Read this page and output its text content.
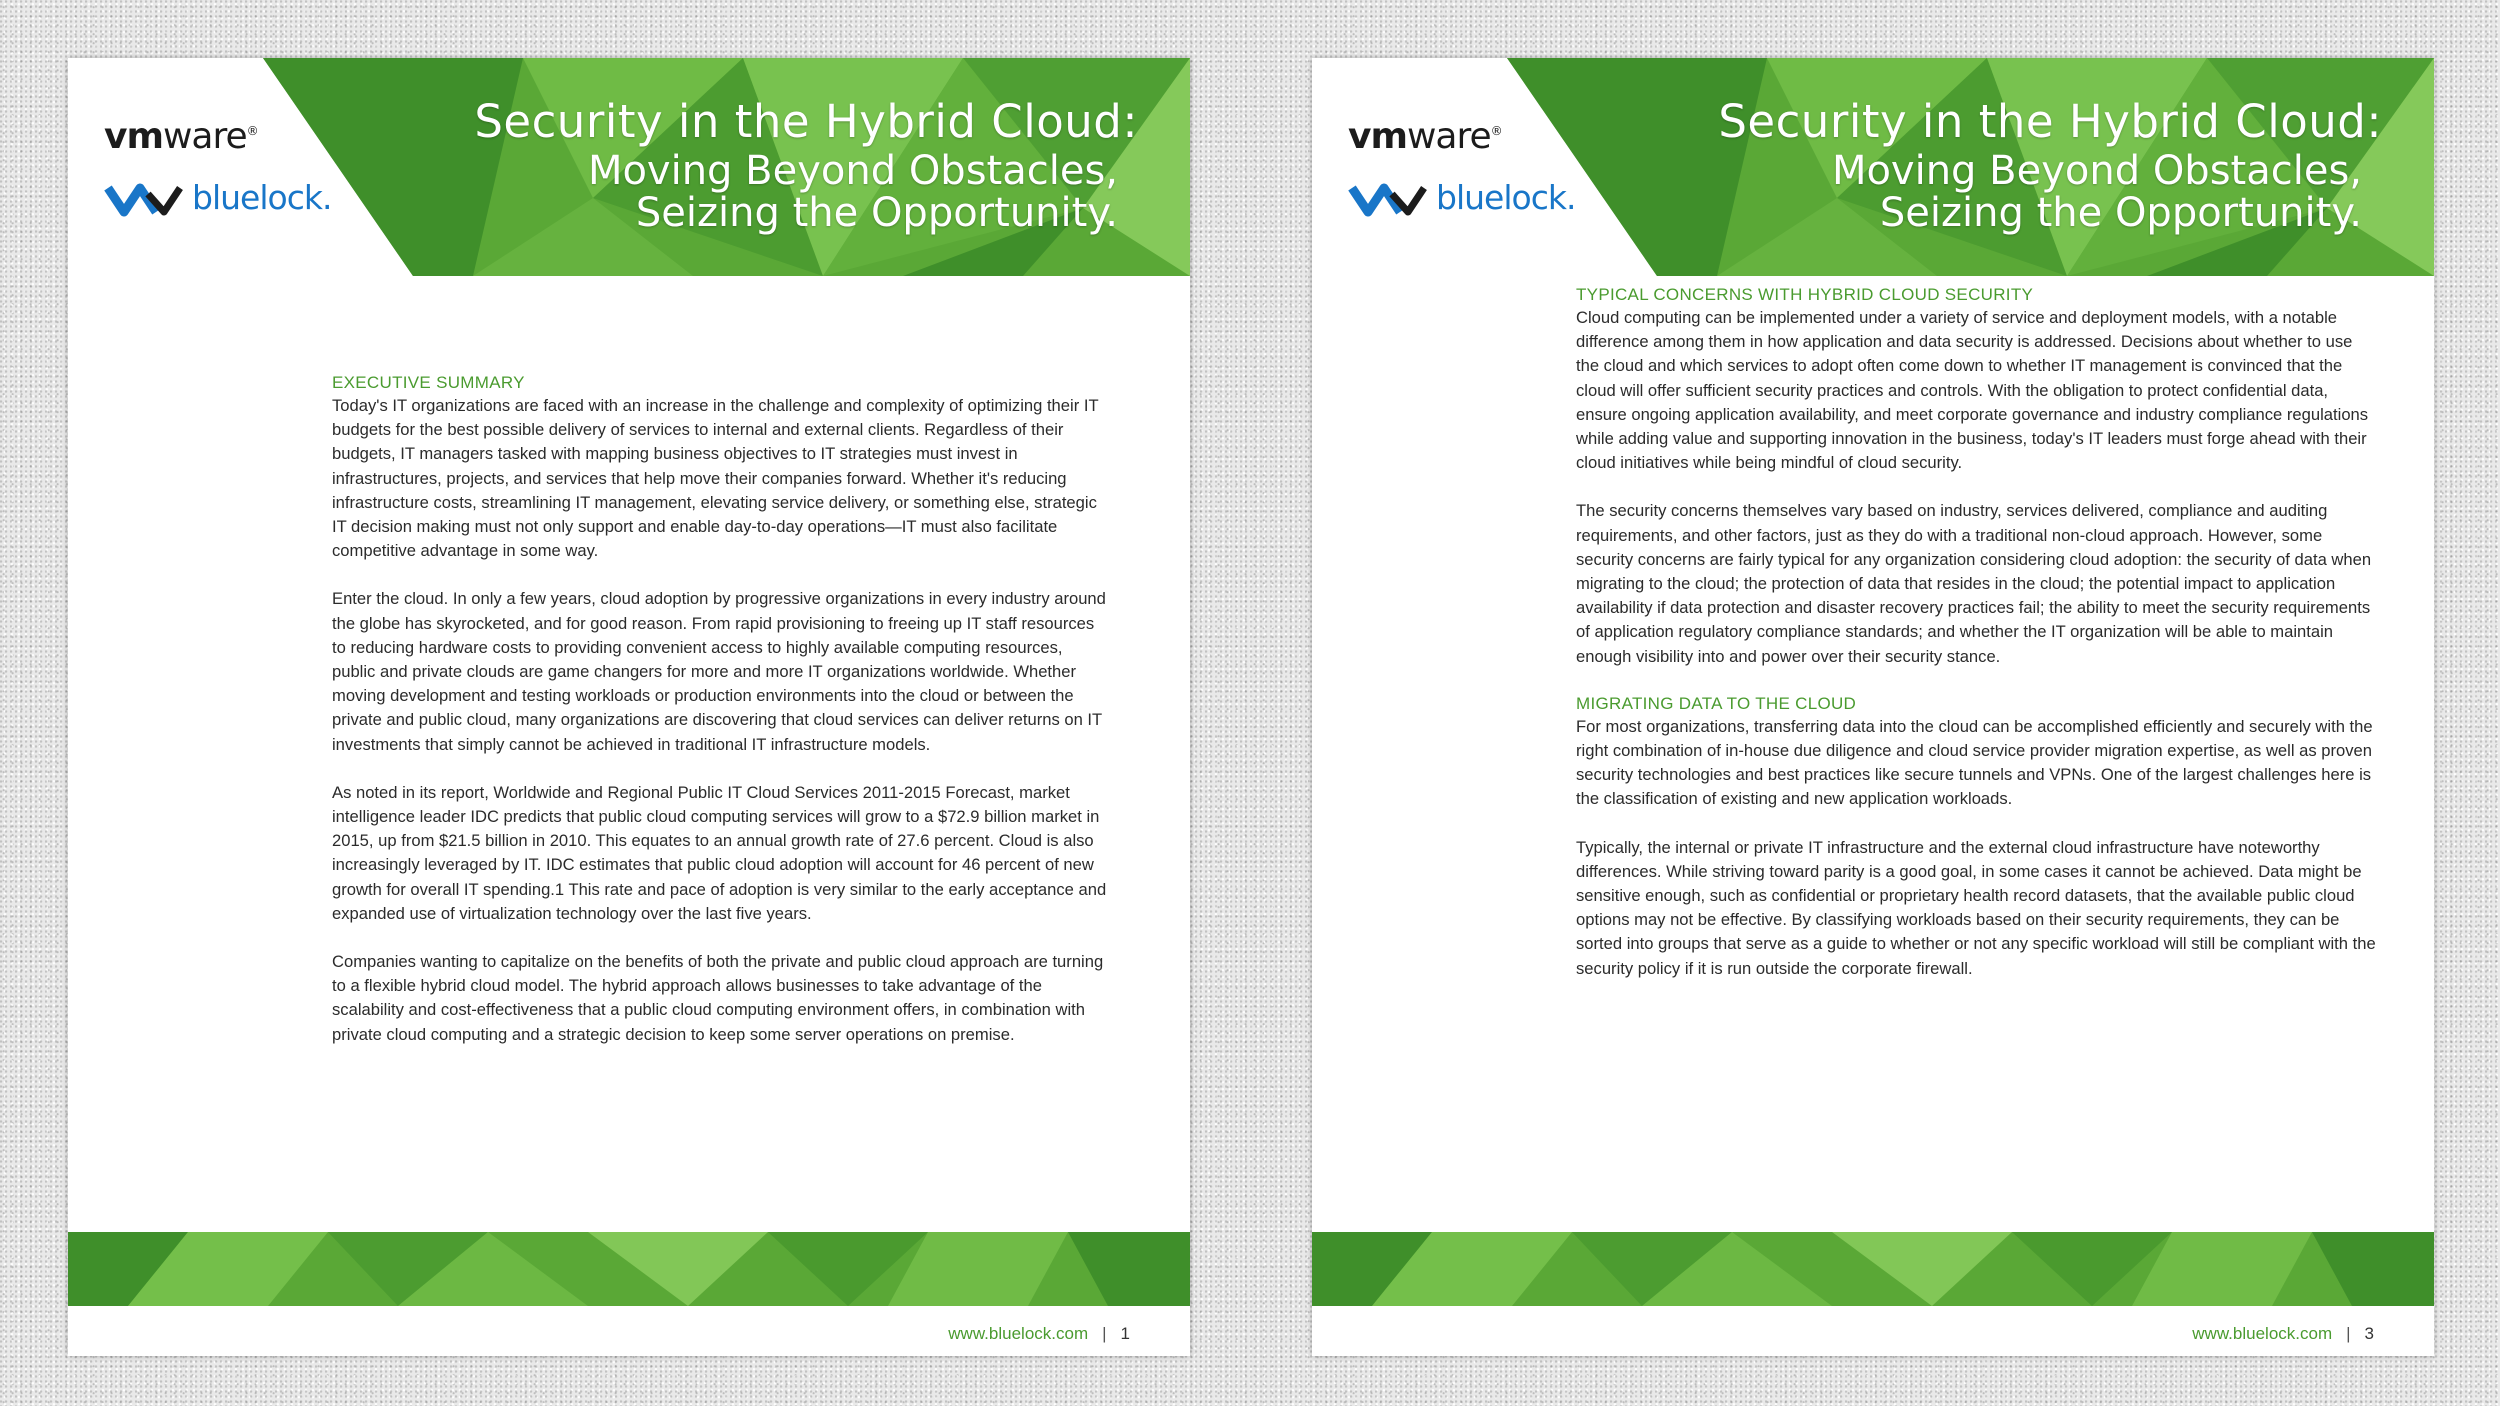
vmware®
bluelock.
Security in the Hybrid Cloud:
Moving Beyond Obstacles,
Seizing the Opportunity.

EXECUTIVE SUMMARY

Today's IT organizations are faced with an increase in the challenge and complexity of optimizing their IT budgets for the best possible delivery of services to internal and external clients. Regardless of their budgets, IT managers tasked with mapping business objectives to IT strategies must invest in infrastructures, projects, and services that help move their companies forward. Whether it's reducing infrastructure costs, streamlining IT management, elevating service delivery, or something else, strategic IT decision making must not only support and enable day-to-day operations—IT must also facilitate competitive advantage in some way.

Enter the cloud. In only a few years, cloud adoption by progressive organizations in every industry around the globe has skyrocketed, and for good reason. From rapid provisioning to freeing up IT staff resources to reducing hardware costs to providing convenient access to highly available computing resources, public and private clouds are game changers for more and more IT organizations worldwide. Whether moving development and testing workloads or production environments into the cloud or between the private and public cloud, many organizations are discovering that cloud services can deliver returns on IT investments that simply cannot be achieved in traditional IT infrastructure models.

As noted in its report, Worldwide and Regional Public IT Cloud Services 2011-2015 Forecast, market intelligence leader IDC predicts that public cloud computing services will grow to a $72.9 billion market in 2015, up from $21.5 billion in 2010. This equates to an annual growth rate of 27.6 percent. Cloud is also increasingly leveraged by IT. IDC estimates that public cloud adoption will account for 46 percent of new growth for overall IT spending.1 This rate and pace of adoption is very similar to the early acceptance and expanded use of virtualization technology over the last five years.

Companies wanting to capitalize on the benefits of both the private and public cloud approach are turning to a flexible hybrid cloud model. The hybrid approach allows businesses to take advantage of the scalability and cost-effectiveness that a public cloud computing environment offers, in combination with private cloud computing and a strategic decision to keep some server operations on premise.

www.bluelock.com | 1
vmware®
bluelock.
Security in the Hybrid Cloud:
Moving Beyond Obstacles,
Seizing the Opportunity.

TYPICAL CONCERNS WITH HYBRID CLOUD SECURITY

Cloud computing can be implemented under a variety of service and deployment models, with a notable difference among them in how application and data security is addressed. Decisions about whether to use the cloud and which services to adopt often come down to whether IT management is convinced that the cloud will offer sufficient security practices and controls. With the obligation to protect confidential data, ensure ongoing application availability, and meet corporate governance and industry compliance regulations while adding value and supporting innovation in the business, today's IT leaders must forge ahead with their cloud initiatives while being mindful of cloud security.

The security concerns themselves vary based on industry, services delivered, compliance and auditing requirements, and other factors, just as they do with a traditional non-cloud approach. However, some security concerns are fairly typical for any organization considering cloud adoption: the security of data when migrating to the cloud; the protection of data that resides in the cloud; the potential impact to application availability if data protection and disaster recovery practices fail; the ability to meet the security requirements of application regulatory compliance standards; and whether the IT organization will be able to maintain enough visibility into and power over their security stance.

MIGRATING DATA TO THE CLOUD

For most organizations, transferring data into the cloud can be accomplished efficiently and securely with the right combination of in-house due diligence and cloud service provider migration expertise, as well as proven security technologies and best practices like secure tunnels and VPNs. One of the largest challenges here is the classification of existing and new application workloads.

Typically, the internal or private IT infrastructure and the external cloud infrastructure have noteworthy differences. While striving toward parity is a good goal, in some cases it cannot be achieved. Data might be sensitive enough, such as confidential or proprietary health record datasets, that the available public cloud options may not be effective. By classifying workloads based on their security requirements, they can be sorted into groups that serve as a guide to whether or not any specific workload will still be compliant with the security policy if it is run outside the corporate firewall.

www.bluelock.com | 3
